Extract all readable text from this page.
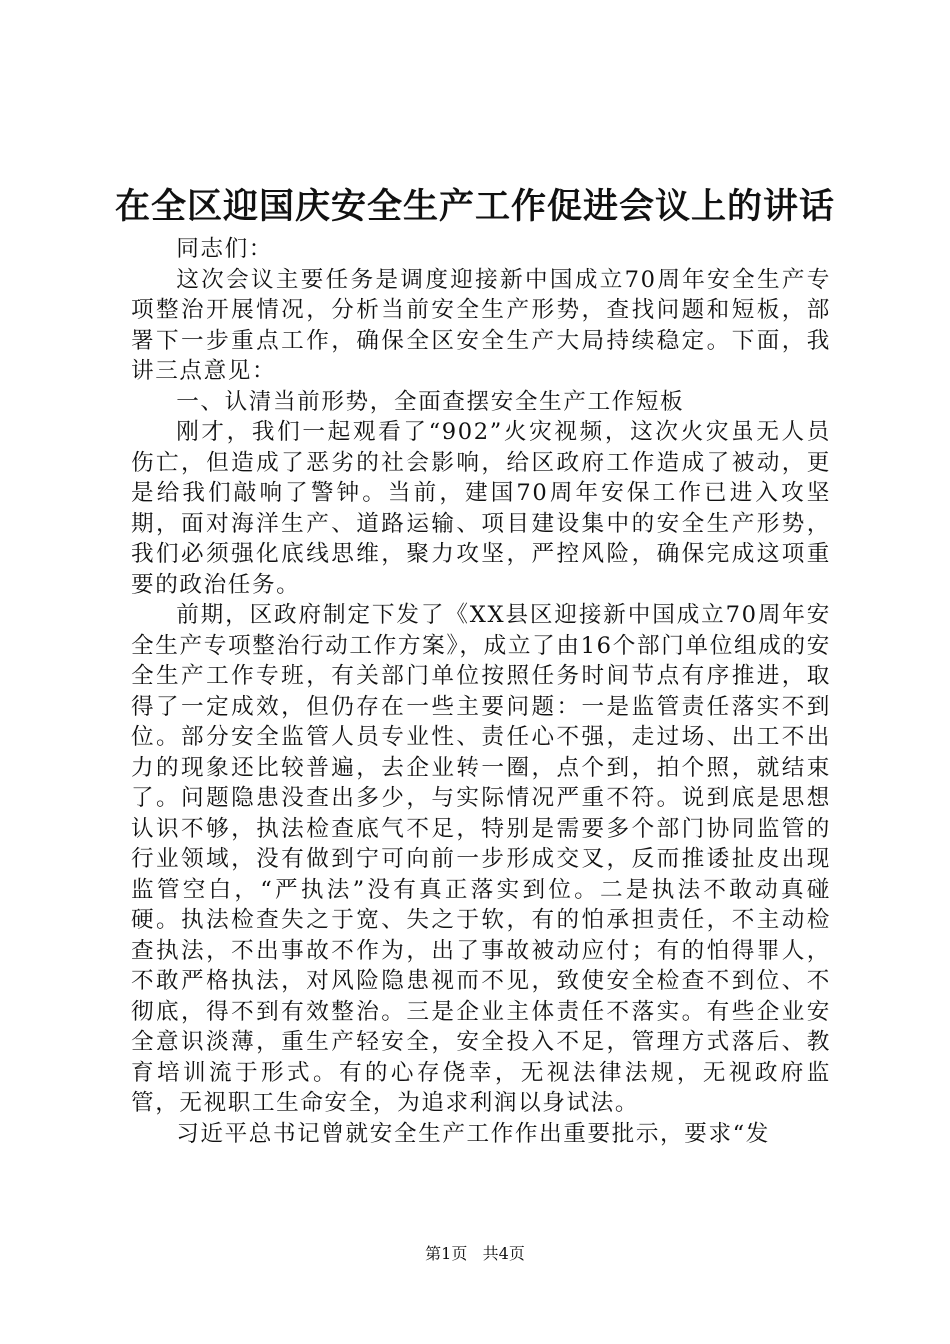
在全区迎国庆安全生产工作促进会议上的讲话

同志们：

这次会议主要任务是调度迎接新中国成立70周年安全生产专项整治开展情况，分析当前安全生产形势，查找问题和短板，部署下一步重点工作，确保全区安全生产大局持续稳定。下面，我讲三点意见：

一、认清当前形势，全面查摆安全生产工作短板

刚才，我们一起观看了“902”火灾视频，这次火灾虽无人员伤亡，但造成了恶劣的社会影响，给区政府工作造成了被动，更是给我们敲响了警钟。当前，建国70周年安保工作已进入攻坚期，面对海洋生产、道路运输、项目建设集中的安全生产形势，我们必须强化底线思维，聚力攻坚，严控风险，确保完成这项重要的政治任务。

前期，区政府制定下发了《XX县区迎接新中国成立70周年安全生产专项整治行动工作方案》，成立了由16个部门单位组成的安全生产工作专班，有关部门单位按照任务时间节点有序推进，取得了一定成效，但仍存在一些主要问题：一是监管责任落实不到位。部分安全监管人员专业性、责任心不强，走过场、出工不出力的现象还比较普遍，去企业转一圈，点个到，拍个照，就结束了。问题隐患没查出多少，与实际情况严重不符。说到底是思想认识不够，执法检查底气不足，特别是需要多个部门协同监管的行业领域，没有做到宁可向前一步形成交叉，反而推诿扯皮出现监管空白，“严执法”没有真正落实到位。二是执法不敢动真碰硬。执法检查失之于宽、失之于软，有的怕承担责任，不主动检查执法，不出事故不作为，出了事故被动应付；有的怕得罪人，不敢严格执法，对风险隐患视而不见，致使安全检查不到位、不彻底，得不到有效整治。三是企业主体责任不落实。有些企业安全意识淡薄，重生产轻安全，安全投入不足，管理方式落后、教育培训流于形式。有的心存侥幸，无视法律法规，无视政府监管，无视职工生命安全，为追求利润以身试法。

习近平总书记曾就安全生产工作作出重要批示，要求“发

第1页 共4页
